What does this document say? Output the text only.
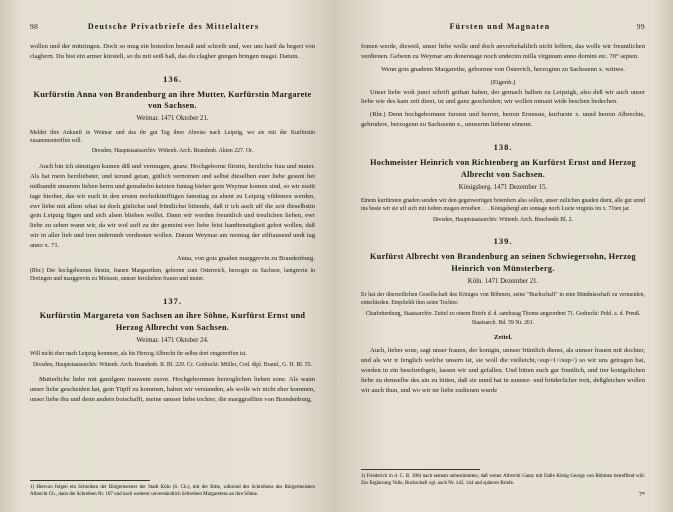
98	Deutsche Privatbriefe des Mittelalters

wollen und der mittringen. Doch so mug ein botenlon berauß und schreib und, wer uns hard da begert von claghern. Du bist ein armer kürstell, so du mit seiß haß, das du clagher gungen bringen magst. Datum.

136.
Kurfürstin Anna von Brandenburg an ihre Mutter, Kurfürstin Margarete von Sachsen.
Weimar. 1471 Oktober 21.
Meldet ihre Ankunft in Weimar und das ihr gut Tag ihrer Abreise nach Leipzig, wo sie mit der Kurfürstin zusammentreffen will.
Dresden, Hauptstaatsarchiv. Wittenb. Arch. Brandenb. Akten 227. Or.

Auch bin ich sünstigen kumen diß und vermugen, gnaw. Hochgeborne fürstin, herzliche frau und muter. Als hat mein herzliebster, und iezund getan, gütlich vernomen und selbst dieselben euer liebe gesunt bei mißsambt unserem lieben herrn und gemahelm ketzten funtag bieher gein Weymar komen sind, so wir essitt tage hierher, das wir euch in den ersten nechstkünfftigen famsttag zu abent zu Leipzig vildemen werden, ewr liebe mit allem what ist doch gütlichst und früntlichst bittende, daß ir ich auch uff die zeit dieselbstin gein Leipzig fügen und sich alsen blieben wollet. Dann wir werden freuntlich und treulichen lieben, ewr liebe zu sehen wann wir, da wir wol auff zu der gemeint ewr liebe feist handtenstigkeit gehot wollen, daß wir in aller lieb und tren niderumb verdienen wollen. Datum Weymar am montag der eilftausend undt tag anno x. 71.

Anna, von gots gnaden marggrevin zu Brandenburg.
(Rbr.) Der hochgebornen fürstin, frauen Margarethen, gebornn zum Osterreich, herzogin zu Sachsen, lantgrevin in Doringen und marggrevin zu Meissen, unnser herzlieben frauen und muter.
137.
Kurfürstin Margareta von Sachsen an ihre Söhne, Kurfürst Ernst und Herzog Albrecht von Sachsen.
Weimar. 1471 Oktober 24.
Will nicht eher nach Leipzig kommen, als bis Herzog Albrecht ihr selbst dort eingetroffen ist.
Dresden, Hauptstaatsarchiv. Wittenb. Arch. Brandenb. II. Bl. 229. Cc. Gedruckt: Müller, Cod. dipl. Brand., G. H. Bl. 55.

Mutterliche liebe mit ganzlgem trauwem zuvor. Hochgebornnen herzoglichen lieben sone. Als wann unser liebe gescheiden hat, gein Tüpff zu kommen, haben wir verstanden, als wolle wir nicht eher kommen, unser liebe thu und denn andern botschafft, meine unnser liebe tochter, die marggraffinn von Brandenburg,

1) Hiervon folgen ein Schreiben der Bürgermeister der Stadt Köln (S. Ch.), mit der Bitte, während des Schreibens des Bürgermeisters Albrecht Ch., dann die Schreiben Nr. 107 und nach weiterer unverständlich Schreiben Margaretens an ihre Söhne.
Fürsten und Magnaten	99

fomen werde, dieweil, unser liebe wolle und doch anvorbehaltlich nicht leffern, das wolle wir freuntlichen verdienen. Gebenn zu Weymar am donerstage noch undecim milla virginum anno domini etc. 70° septen.

Wenn gots gnadenn Margarethe, gebornne von Österrich, herzoginn zu Sachssenn x. wittwe.
(Eigenh.)

Unser liebe wolt junct schrift gethan haben, der gemach halben zu Leipzigk, also deß wir auch unser liebe wie des kam zeit dient, ist und ganz gescheiden; wir wollen nimant wide beschen bedechen.

(Rbr.) Denn hochgebornnen fursten und herren, herren Ernnsste, kurfurste x. unnd herren Albrechte, gebrudere, herzogenn zu Sachssenn x., unnsernn liebenn sönenn.

138.
Hochmeister Heinrich von Richtenberg an Kurfürst Ernst und Herzog Albrecht von Sachsen.
Königsberg. 1471 Dezember 15.
Einem kurfürsten gnaden senden wir den gegenwertigen botenfern also sollen, unser zstlichen gnaden dient, alle gut unnd ins beste wir sie uff sich mit hoben mugen ernieben . . . Königsbergf am sontage noch Lucie virginis im x. 71ten jar.
Dresden, Hauptstaatsarchiv. Wittenb. Arch. Beschenkt Bl. 2.
139.
Kurfürst Albrecht von Brandenburg an seinen Schwiegersohn, Herzog Heinrich von Münsterberg.
Köln. 1471 Dezember 21.
Er hat der überzeiltchen Gesellschaft des Königes von Böhmen, seine "Buchschaft" in eine Bündnisschaft zu vermeiden, entschieden. Empfiehlt ihm seine Tochter.
Charlottenburg, Staatsarchiv. Zettel zu einem Briefe d. d. sambstag Thome angeordnet 71. Gedruckt: Publ. a. d. Preuß. Staatsarch. Bd. 59 Nr. 261.
Zettel.

Auch, lieber sone, sagt unser frauen, der konigin, unnser früntlich dienst, als unnser frauen mit dochter, und als wir ir fenglich welche unsern ist, sie woll die vielleicht,<sup>1</sup>) so wir uns getragen hat, worden in ein beschreibgeit, lassen wir und gefallen. Und bitten euch gar fruntlich, und irer konigelichen liebe zu demselbe des ain zu bitten, daß sie unnd hat in sunster- und brüderlicher treit, deßgleichen wollen wir auch thun, und wo wir ier liebe zudienen wurde

1) Friederich in d. C. B. 300) nach seinem unbestimmten, daß weiter Albrecht Gantz mit Dalle König Georgs von Böhmen betreffend will. Zur Ergänzung Valle, Buchschaft vgl. auch Nr. 142, 144 und späterer Briefe.
7*
